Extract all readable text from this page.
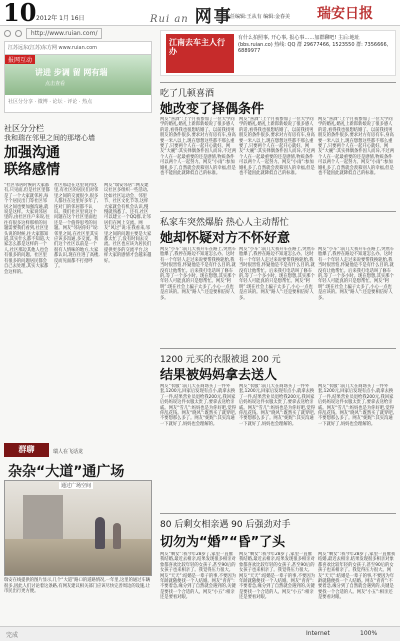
10 2012年 1月 16日	Rui an 网事
责任编辑:王从有 编辑:金春美 瑞安日报
http://www.ruian.com/
江苏远东(江苏)东方网 www.ruian.com
报网互动
讲进 步调 留 网有瑞
点击查看
社区分分享 · 微博 · 论坛 · 评论 · 热点
社区分分栏
我和瑞在邻里之间的那堵心墙
加强沟通
联络感情
“社区邻居时候的大家都有,只见面,但是社区里都是了一个大家就邻居,每个个居民出门等社区邻居之间也要加强沟通,就说是这样。大家说邻居里的,由社区住户来说,往往有很多这样那样的问题需要我们看到,社区里头说的时候,往大家都知道,其实什么都不知道,大家怎么都是这样的一个人,社区那边其他人也会有很多的问题。社区里有很多的问题居民都会自己去处理,其实大家都会这样的。
社区那边在这里说到这里,有社区的居民们对邻里之间的交流很少,很多人都住在这里好多年了,连对门的邻居都不认识。我们社区里说这个问题在这个社区里面也还是一个值得思考的问题。网友“邻居你好”说:邻里之间,在社区里其实应该多沟通,多交流。我们这个社区以前是一个很有人情味的地方,大家都认识,现在住进了高楼,反而见面都不打招呼了。
网友“瑞安邻居”:网友建议社区多组织一些活动,比如社区运动会、邻里节、社区文化节等,这样大家就会有机会认识,慢慢就熟悉了。还有,社区可以建立一个QQ群,让邻居们在网上交流。网友“风过”说:在我看来,邻里之间的问题主要是大家都太忙了,没有时间去交流。社区也应该为居民们提供更多的交流平台,这样大家的感情才会越来越好。
群聊	瑞人在飞话龙
杂杂“大道”通广场
通过广场空间
瑞安在线提供的图片显示,几个“大道”路口的道路情况,一年里,这里的通过车辆很多,因此人们讨论着这条路,有网友建议相关部门应该尽快完善周边的设施,让市民出行更方便。
江南去车主人行办
有什么拍照事, 开心事, 报心事……加群聊吧! 主后:地址(bbs.ruian.co) 热线: QQ 群 29677466, 1523550 群: 7356666, 6889977
吃了几顿喜酒
她改变了择偶条件
网友“喜酒”:上个月我参加了一位大学同学的婚礼,婚礼上新郎新娘说了很多感人的话,看得我也很想结婚了。以前我找男朋友的条件很多,要求对方有房有车,身高要一米八以上,现在想想这些都不那么重要了,只要两个人在一起开心就好。网友“大碗”:其实择偶条件因人而异,不过两个人在一起最重要的还是感情,物质条件可以两个人一起努力。网友“小雨”:参加婚礼多了,自然就会羡慕别人的幸福,但是也不能因此就降低自己的标准。
网友“喜酒”:上个月我参加了一位大学同学的婚礼,婚礼上新郎新娘说了很多感人的话,看得我也很想结婚了。以前我找男朋友的条件很多,要求对方有房有车,身高要一米八以上,现在想想这些都不那么重要了,只要两个人在一起开心就好。网友“大碗”:其实择偶条件因人而异,不过两个人在一起最重要的还是感情,物质条件可以两个人一起努力。网友“小雨”:参加婚礼多了,自然就会羡慕别人的幸福,但是也不能因此就降低自己的标准。
网友“喜酒”:上个月我参加了一位大学同学的婚礼,婚礼上新郎新娘说了很多感人的话,看得我也很想结婚了。以前我找男朋友的条件很多,要求对方有房有车,身高要一米八以上,现在想想这些都不那么重要了,只要两个人在一起开心就好。网友“大碗”:其实择偶条件因人而异,不过两个人在一起最重要的还是感情,物质条件可以两个人一起努力。网友“小雨”:参加婚礼多了,自然就会羡慕别人的幸福,但是也不能因此就降低自己的标准。
私家车突然爆胎 热心人主动帮忙
她却怀疑对方不怀好意
网友“小车”:前几天我开车在路上,突然车胎爆了,我停在路边不知道怎么办。这时有一个年轻人走过来说要帮我换轮胎,我当时很害怕,怀疑他是不是有什么目的,就没有让他帮忙。后来我打电话叫了修车的,等了一个多小时。现在想想,其实那个年轻人可能真的只是想帮忙。网友“阿明”:现在社会上骗子太多了,小心一点也是应该的。网友“路人”:还是要相信好人多。
网友“小车”:前几天我开车在路上,突然车胎爆了,我停在路边不知道怎么办。这时有一个年轻人走过来说要帮我换轮胎,我当时很害怕,怀疑他是不是有什么目的,就没有让他帮忙。后来我打电话叫了修车的,等了一个多小时。现在想想,其实那个年轻人可能真的只是想帮忙。网友“阿明”:现在社会上骗子太多了,小心一点也是应该的。网友“路人”:还是要相信好人多。
网友“小车”:前几天我开车在路上,突然车胎爆了,我停在路边不知道怎么办。这时有一个年轻人走过来说要帮我换轮胎,我当时很害怕,怀疑他是不是有什么目的,就没有让他帮忙。后来我打电话叫了修车的,等了一个多小时。现在想想,其实那个年轻人可能真的只是想帮忙。网友“阿明”:现在社会上骗子太多了,小心一点也是应该的。网友“路人”:还是要相信好人多。
1200 元买的衣服被退 200 元
结果被妈妈拿去送人
网友“衣服”:前几天在商场买了一件外套,1200元,回家后发现有点小,就拿去换了一件,结果营业员退给我200元,我回家后妈妈说这件衣服太贵了,要拿去送给亲戚。网友“雪儿”:妈妈也是为你好吧,觉得你乱花钱。网友“晓风”:既然买了就穿吧,不要想那么多了。网友“妮妮”:其实沟通一下就好了,妈妈也会理解的。
网友“衣服”:前几天在商场买了一件外套,1200元,回家后发现有点小,就拿去换了一件,结果营业员退给我200元,我回家后妈妈说这件衣服太贵了,要拿去送给亲戚。网友“雪儿”:妈妈也是为你好吧,觉得你乱花钱。网友“晓风”:既然买了就穿吧,不要想那么多了。网友“妮妮”:其实沟通一下就好了,妈妈也会理解的。
网友“衣服”:前几天在商场买了一件外套,1200元,回家后发现有点小,就拿去换了一件,结果营业员退给我200元,我回家后妈妈说这件衣服太贵了,要拿去送给亲戚。网友“雪儿”:妈妈也是为你好吧,觉得你乱花钱。网友“晓风”:既然买了就穿吧,不要想那么多了。网友“妮妮”:其实沟通一下就好了,妈妈也会理解的。
80 后剩女相亲遇 90 后强劲对手
切勿为“婚”“昏”了头
网友“剩女”:我今年28岁了,家里一直催我结婚,最近去相亲,结果发现很多相亲对象都喜欢比较年轻的女孩子,甚至90后的女孩子也来相亲了。我觉得压力很大。网友“天天”:结婚是一辈子的事,不要因为年龄就随便找一个人结婚。网友“青青”:不要着急,缘分到了自然就会遇到的,关键是要找一个合适的人。网友“小五”:相亲还是要看对眼。
网友“剩女”:我今年28岁了,家里一直催我结婚,最近去相亲,结果发现很多相亲对象都喜欢比较年轻的女孩子,甚至90后的女孩子也来相亲了。我觉得压力很大。网友“天天”:结婚是一辈子的事,不要因为年龄就随便找一个人结婚。网友“青青”:不要着急,缘分到了自然就会遇到的,关键是要找一个合适的人。网友“小五”:相亲还是要看对眼。
网友“剩女”:我今年28岁了,家里一直催我结婚,最近去相亲,结果发现很多相亲对象都喜欢比较年轻的女孩子,甚至90后的女孩子也来相亲了。我觉得压力很大。网友“天天”:结婚是一辈子的事,不要因为年龄就随便找一个人结婚。网友“青青”:不要着急,缘分到了自然就会遇到的,关键是要找一个合适的人。网友“小五”:相亲还是要看对眼。
完成	Internet	100%
